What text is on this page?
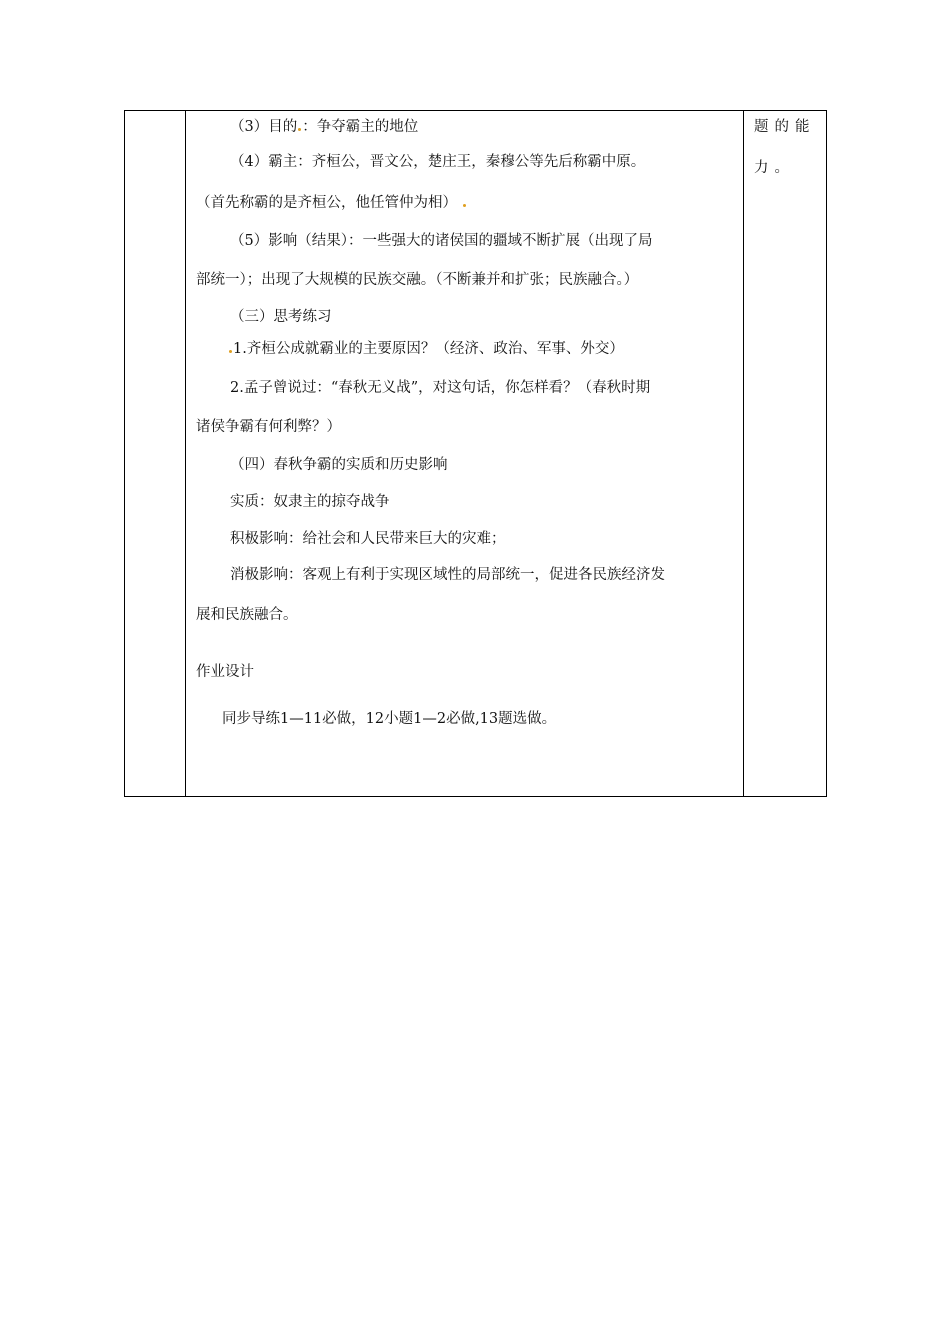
（3）目的 ：争夺霸主的地位
（4）霸主：齐桓公，晋文公，楚庄王，秦穆公等先后称霸中原。
（首先称霸的是齐桓公，他任管仲为相）
（5）影响（结果）：一些强大的诸侯国的疆域不断扩展（出现了局
部统一）；出现了大规模的民族交融。（不断兼并和扩张；民族融合。）
（三）思考练习
1.齐桓公成就霸业的主要原因？（经济、政治、军事、外交）
2.孟子曾说过：“春秋无义战”，对这句话，你怎样看？（春秋时期
诸侯争霸有何利弊？）
（四）春秋争霸的实质和历史影响
实质：奴隶主的掠夺战争
积极影响：给社会和人民带来巨大的灾难；
消极影响：客观上有利于实现区域性的局部统一，促进各民族经济发
展和民族融合。
作业设计
同步导练1—11必做，12小题1—2必做,13题选做。
题的能
力。
